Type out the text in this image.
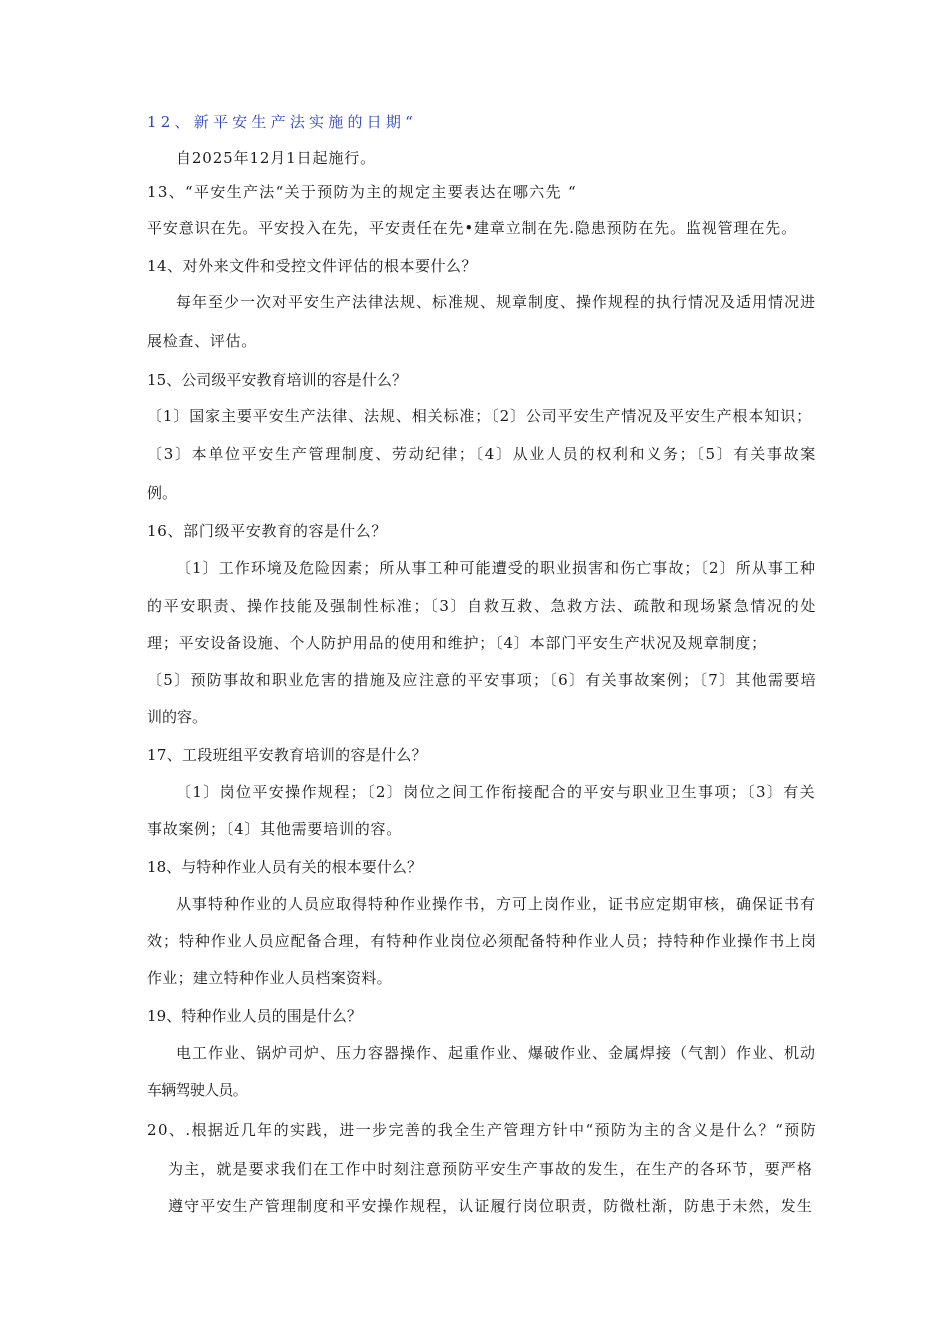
12、新平安生产法实施的日期“
自2025年12月1日起施行。
13、“平安生产法“关于预防为主的规定主要表达在哪六先 “
平安意识在先。平安投入在先，平安责任在先•建章立制在先.隐患预防在先。监视管理在先。
14、对外来文件和受控文件评估的根本要什么？
每年至少一次对平安生产法律法规、标准规、规章制度、操作规程的执行情况及适用情况进
展检查、评估。
15、公司级平安教育培训的容是什么？
〔1〕国家主要平安生产法律、法规、相关标准；〔2〕公司平安生产情况及平安生产根本知识；
〔3〕本单位平安生产管理制度、劳动纪律；〔4〕从业人员的权利和义务；〔5〕有关事故案
例。
16、部门级平安教育的容是什么？
〔1〕工作环境及危险因素；所从事工种可能遭受的职业损害和伤亡事故；〔2〕所从事工种
的平安职责、操作技能及强制性标准；〔3〕自救互救、急救方法、疏散和现场紧急情况的处
理；平安设备设施、个人防护用品的使用和维护；〔4〕本部门平安生产状况及规章制度；
〔5〕预防事故和职业危害的措施及应注意的平安事项；〔6〕有关事故案例；〔7〕其他需要培
训的容。
17、工段班组平安教育培训的容是什么？
〔1〕岗位平安操作规程；〔2〕岗位之间工作衔接配合的平安与职业卫生事项；〔3〕有关
事故案例；〔4〕其他需要培训的容。
18、与特种作业人员有关的根本要什么？
从事特种作业的人员应取得特种作业操作书，方可上岗作业，证书应定期审核，确保证书有
效；特种作业人员应配备合理，有特种作业岗位必须配备特种作业人员；持特种作业操作书上岗
作业；建立特种作业人员档案资料。
19、特种作业人员的围是什么？
电工作业、锅炉司炉、压力容器操作、起重作业、爆破作业、金属焊接（气割）作业、机动
车辆驾驶人员。
20、.根据近几年的实践，进一步完善的我全生产管理方针中“预防为主的含义是什么？“预防
为主，就是要求我们在工作中时刻注意预防平安生产事故的发生，在生产的各环节，要严格
遵守平安生产管理制度和平安操作规程，认证履行岗位职责，防微杜渐，防患于未然，发生
